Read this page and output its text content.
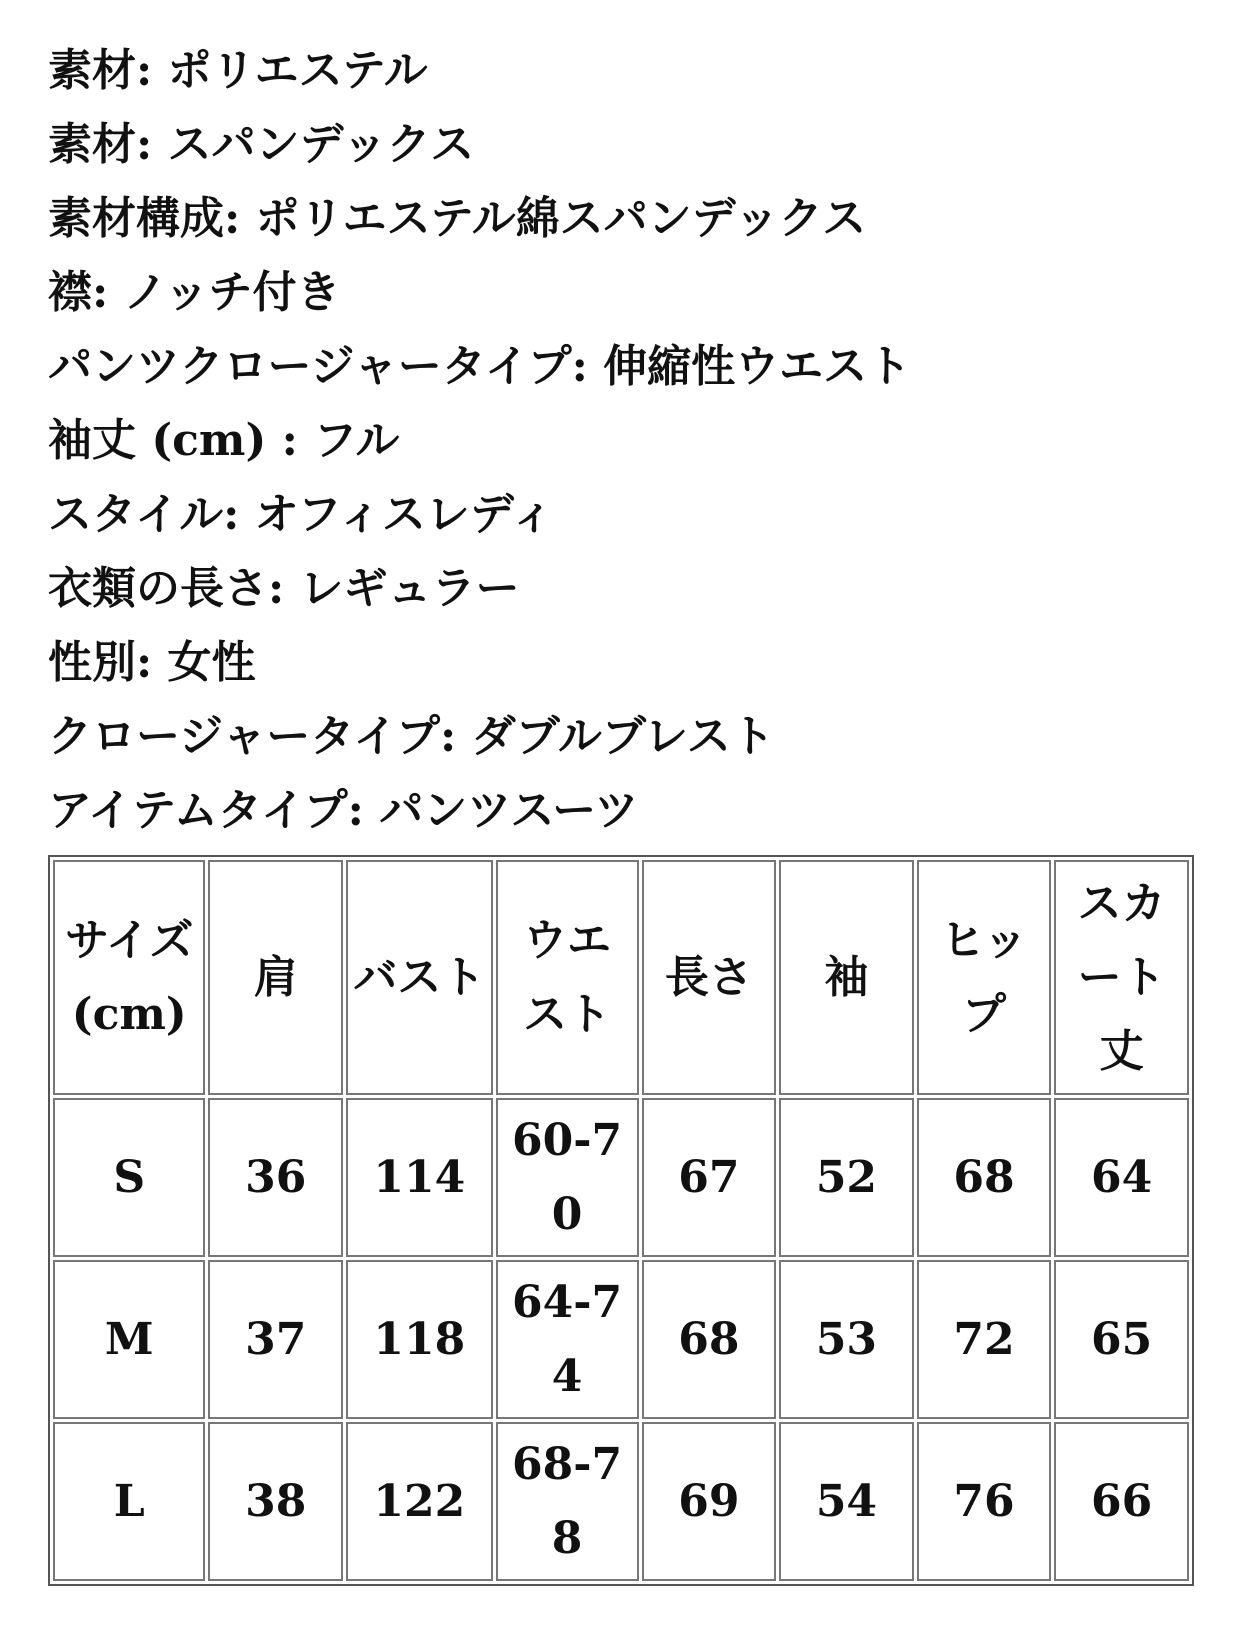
素材: ポリエステル
素材: スパンデックス
素材構成: ポリエステル綿スパンデックス
襟: ノッチ付き
パンツクロージャータイプ: 伸縮性ウエスト
袖丈 (cm) : フル
スタイル: オフィスレディ
衣類の長さ: レギュラー
性別: 女性
クロージャータイプ: ダブルブレスト
アイテムタイプ: パンツスーツ
サイズ(cm)	肩	バスト	ウエスト	長さ	袖	ヒップ	スカート丈
S	36	114	60-70	67	52	68	64
M	37	118	64-74	68	53	72	65
L	38	122	68-78	69	54	76	66
